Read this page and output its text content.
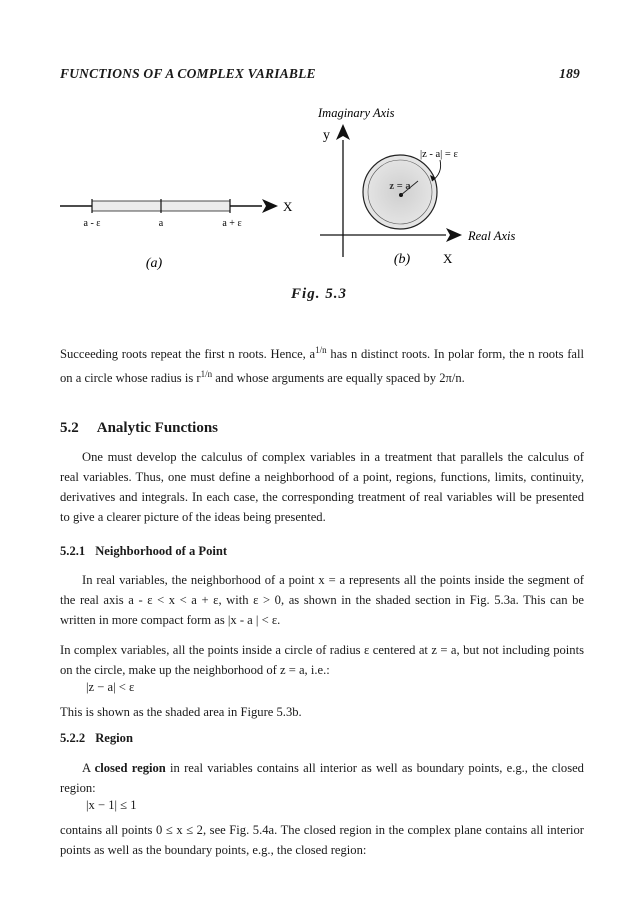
FUNCTIONS OF A COMPLEX VARIABLE	189
X
a - ε	a	a + ε
(a)
Imaginary Axis
y
z = a
|z - a| = ε
Real Axis
(b)	X
Fig. 5.3
Succeeding roots repeat the first n roots. Hence, $a^{1/n}$ has n distinct roots. In polar form, the n roots fall on a circle whose radius is $r^{1/n}$ and whose arguments are equally spaced by 2π/n.
5.2 Analytic Functions
One must develop the calculus of complex variables in a treatment that parallels the calculus of real variables. Thus, one must define a neighborhood of a point, regions, functions, limits, continuity, derivatives and integrals. In each case, the corresponding treatment of real variables will be presented to give a clearer picture of the ideas being presented.
5.2.1 Neighborhood of a Point
In real variables, the neighborhood of a point x = a represents all the points inside the segment of the real axis a - ε < x < a + ε, with ε > 0, as shown in the shaded section in Fig. 5.3a. This can be written in more compact form as |x - a | < ε.
In complex variables, all the points inside a circle of radius ε centered at z = a, but not including points on the circle, make up the neighborhood of z = a, i.e.:
|z − a| < ε
This is shown as the shaded area in Figure 5.3b.
5.2.2 Region
A closed region in real variables contains all interior as well as boundary points, e.g., the closed region:
|x − 1| ≤ 1
contains all points 0 ≤ x ≤ 2, see Fig. 5.4a. The closed region in the complex plane contains all interior points as well as the boundary points, e.g., the closed region:
